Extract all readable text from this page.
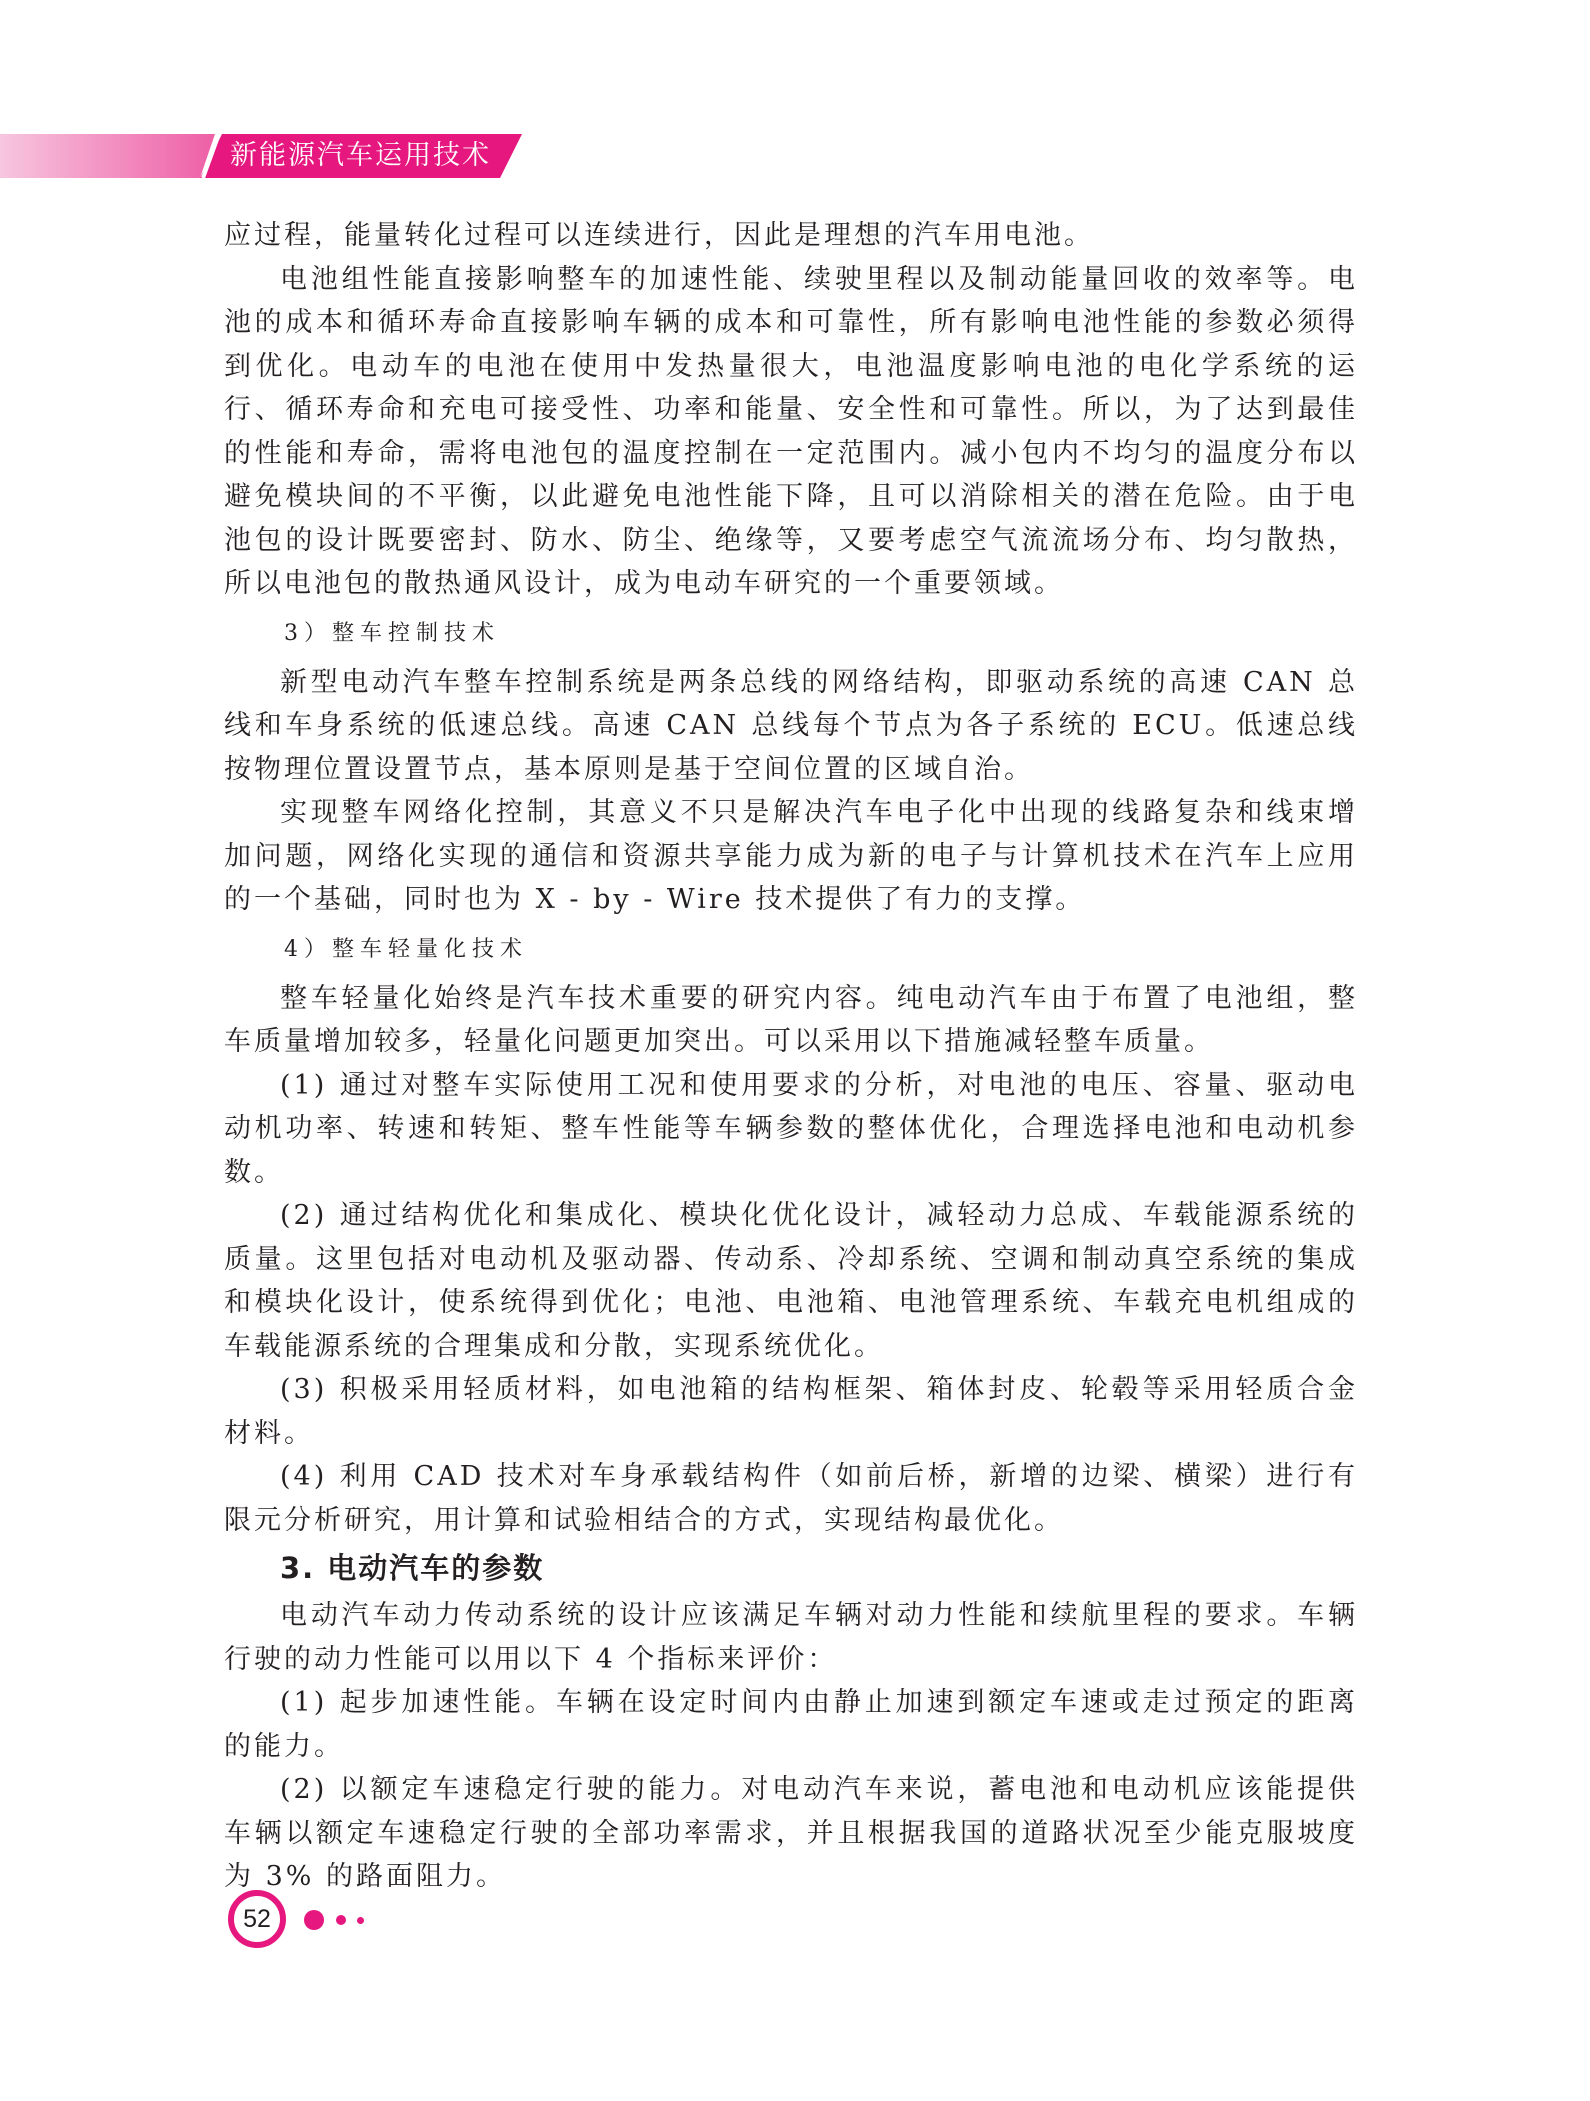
新能源汽车运用技术

应过程，能量转化过程可以连续进行，因此是理想的汽车用电池。

电池组性能直接影响整车的加速性能、续驶里程以及制动能量回收的效率等。电池的成本和循环寿命直接影响车辆的成本和可靠性，所有影响电池性能的参数必须得到优化。电动车的电池在使用中发热量很大，电池温度影响电池的电化学系统的运行、循环寿命和充电可接受性、功率和能量、安全性和可靠性。所以，为了达到最佳的性能和寿命，需将电池包的温度控制在一定范围内。减小包内不均匀的温度分布以避免模块间的不平衡，以此避免电池性能下降，且可以消除相关的潜在危险。由于电池包的设计既要密封、防水、防尘、绝缘等，又要考虑空气流流场分布、均匀散热，所以电池包的散热通风设计，成为电动车研究的一个重要领域。

3）整车控制技术

新型电动汽车整车控制系统是两条总线的网络结构，即驱动系统的高速 CAN 总线和车身系统的低速总线。高速 CAN 总线每个节点为各子系统的 ECU。低速总线按物理位置设置节点，基本原则是基于空间位置的区域自治。

实现整车网络化控制，其意义不只是解决汽车电子化中出现的线路复杂和线束增加问题，网络化实现的通信和资源共享能力成为新的电子与计算机技术在汽车上应用的一个基础，同时也为 X - by - Wire 技术提供了有力的支撑。

4）整车轻量化技术

整车轻量化始终是汽车技术重要的研究内容。纯电动汽车由于布置了电池组，整车质量增加较多，轻量化问题更加突出。可以采用以下措施减轻整车质量。

(1) 通过对整车实际使用工况和使用要求的分析，对电池的电压、容量、驱动电动机功率、转速和转矩、整车性能等车辆参数的整体优化，合理选择电池和电动机参数。

(2) 通过结构优化和集成化、模块化优化设计，减轻动力总成、车载能源系统的质量。这里包括对电动机及驱动器、传动系、冷却系统、空调和制动真空系统的集成和模块化设计，使系统得到优化；电池、电池箱、电池管理系统、车载充电机组成的车载能源系统的合理集成和分散，实现系统优化。

(3) 积极采用轻质材料，如电池箱的结构框架、箱体封皮、轮毂等采用轻质合金材料。

(4) 利用 CAD 技术对车身承载结构件（如前后桥，新增的边梁、横梁）进行有限元分析研究，用计算和试验相结合的方式，实现结构最优化。

3. 电动汽车的参数

电动汽车动力传动系统的设计应该满足车辆对动力性能和续航里程的要求。车辆行驶的动力性能可以用以下 4 个指标来评价：

(1) 起步加速性能。车辆在设定时间内由静止加速到额定车速或走过预定的距离的能力。

(2) 以额定车速稳定行驶的能力。对电动汽车来说，蓄电池和电动机应该能提供车辆以额定车速稳定行驶的全部功率需求，并且根据我国的道路状况至少能克服坡度为 3% 的路面阻力。

52
